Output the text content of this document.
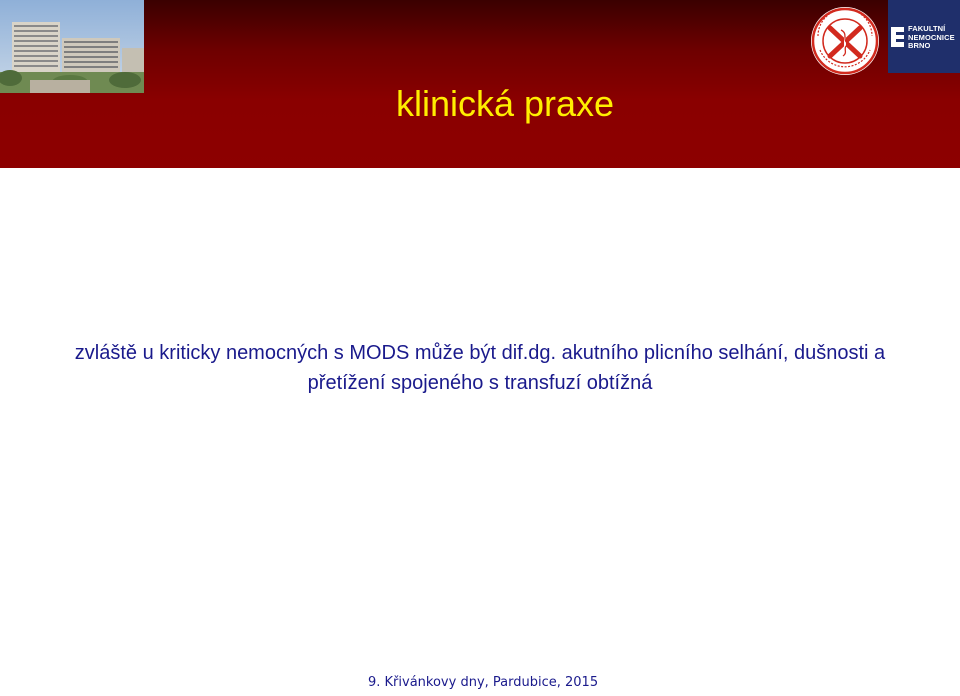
klinická praxe
FAKULTNÍ
NEMOCNICE
BRNO
zvláště u kriticky nemocných s MODS může být dif.dg. akutního plicního selhání, dušnosti a přetížení spojeného s transfuzí obtížná
9. Křivánkovy dny, Pardubice, 2015
